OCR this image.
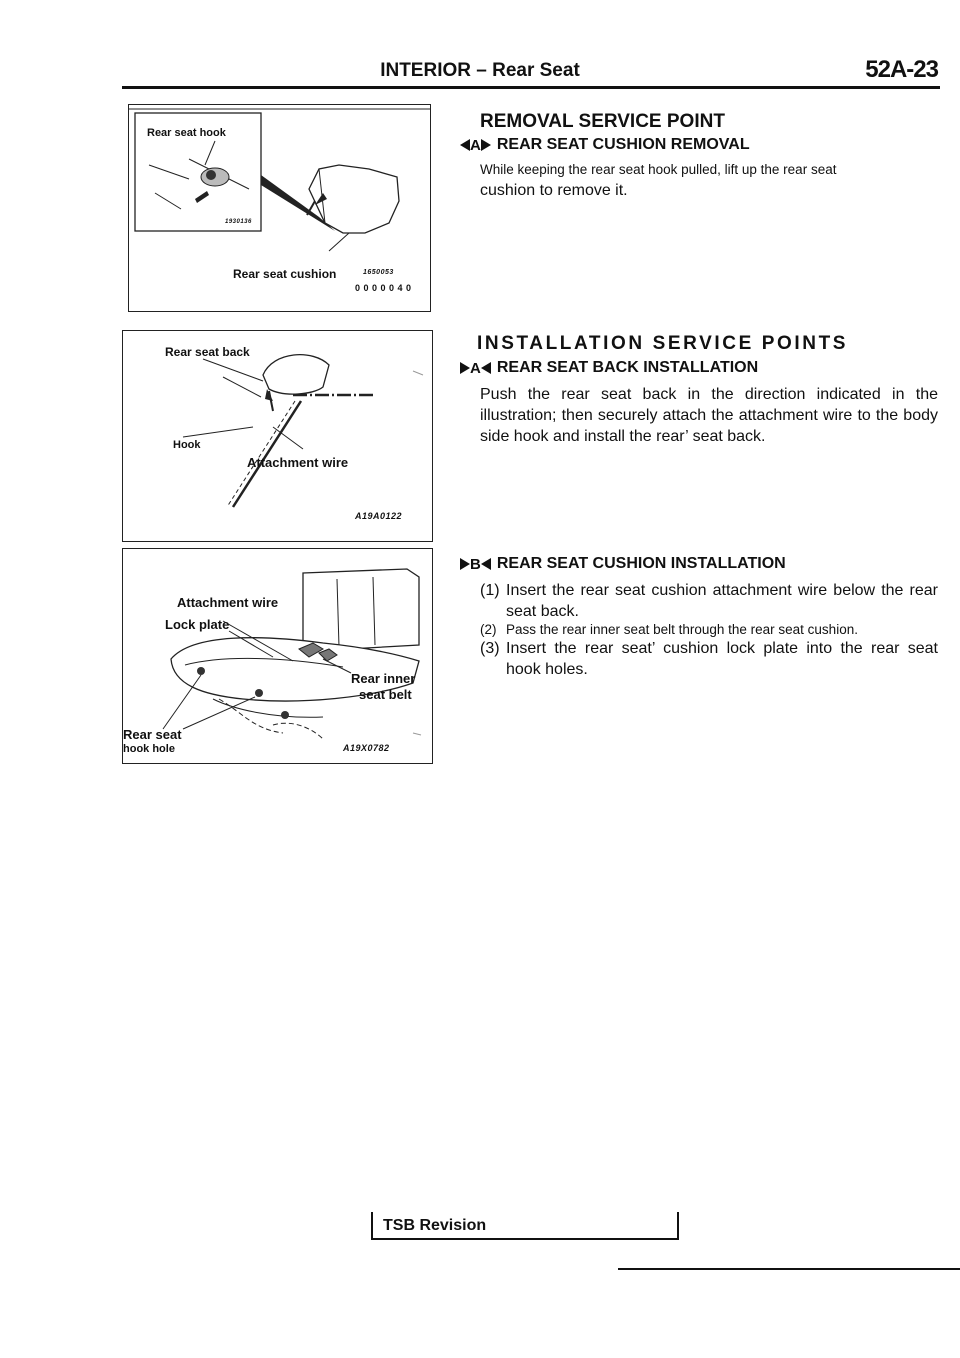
INTERIOR – Rear Seat	52A-23
Rear seat hook
1930136
Rear seat cushion	1650053
0 0 0 0 0 4 0
Rear seat back
Hook
Attachment wire
A19A0122
Attachment wire
Lock plate
Rear inner
seat belt
Rear seat
hook hole	A19X0782
REMOVAL SERVICE POINT
A REAR SEAT CUSHION REMOVAL
While keeping the rear seat hook pulled, lift up the rear seat
cushion to remove it.
INSTALLATION SERVICE POINTS
A REAR SEAT BACK INSTALLATION
Push the rear seat back in the direction indicated in the illustration; then securely attach the attachment wire to the body side hook and install the rear’ seat back.
B REAR SEAT CUSHION INSTALLATION
(1) Insert the rear seat cushion attachment wire below the rear seat back.
(2) Pass the rear inner seat belt through the rear seat cushion.
(3) Insert the rear seat’ cushion lock plate into the rear seat hook holes.
TSB Revision
